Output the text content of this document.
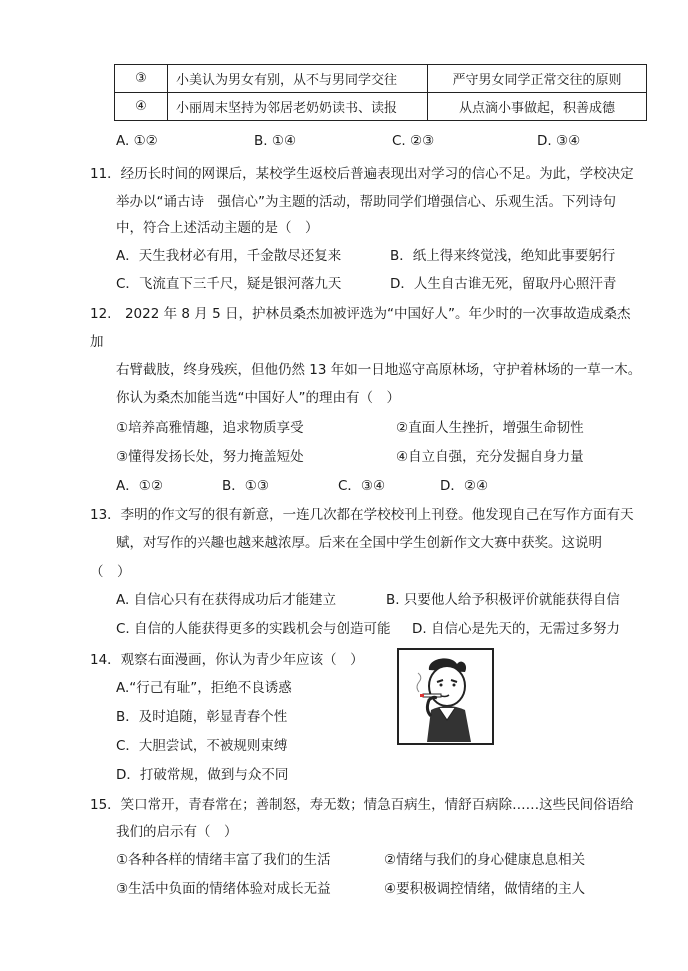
③	小美认为男女有别，从不与男同学交往	严守男女同学正常交往的原则
④	小丽周末坚持为邻居老奶奶读书、读报	从点滴小事做起，积善成德
A. ①②	B. ①④	C. ②③	D. ③④
11．经历长时间的网课后，某校学生返校后普遍表现出对学习的信心不足。为此，学校决定
举办以“诵古诗　强信心”为主题的活动，帮助同学们增强信心、乐观生活。下列诗句
中，符合上述活动主题的是（　）
A．天生我材必有用，千金散尽还复来	B．纸上得来终觉浅，绝知此事要躬行
C．飞流直下三千尺，疑是银河落九天	D．人生自古谁无死，留取丹心照汗青
12.　2022 年 8 月 5 日，护林员桑杰加被评选为“中国好人”。年少时的一次事故造成桑杰
加
右臂截肢，终身残疾，但他仍然 13 年如一日地巡守高原林场，守护着林场的一草一木。
你认为桑杰加能当选“中国好人”的理由有（　）
①培养高雅情趣，追求物质享受	②直面人生挫折，增强生命韧性
③懂得发扬长处，努力掩盖短处	④自立自强，充分发掘自身力量
A．①②	B．①③	C．③④	D．②④
13．李明的作文写的很有新意，一连几次都在学校校刊上刊登。他发现自己在写作方面有天
赋，对写作的兴趣也越来越浓厚。后来在全国中学生创新作文大赛中获奖。这说明
（　）
A. 自信心只有在获得成功后才能建立	B. 只要他人给予积极评价就能获得自信
C. 自信的人能获得更多的实践机会与创造可能 D. 自信心是先天的，无需过多努力
14．观察右面漫画，你认为青少年应该（　）
A.“行己有耻”，拒绝不良诱惑
B．及时追随，彰显青春个性
C．大胆尝试，不被规则束缚
D．打破常规，做到与众不同
15．笑口常开，青春常在；善制怒，寿无数；情急百病生，情舒百病除……这些民间俗语给
我们的启示有（　）
①各种各样的情绪丰富了我们的生活	②情绪与我们的身心健康息息相关
③生活中负面的情绪体验对成长无益	④要积极调控情绪，做情绪的主人
